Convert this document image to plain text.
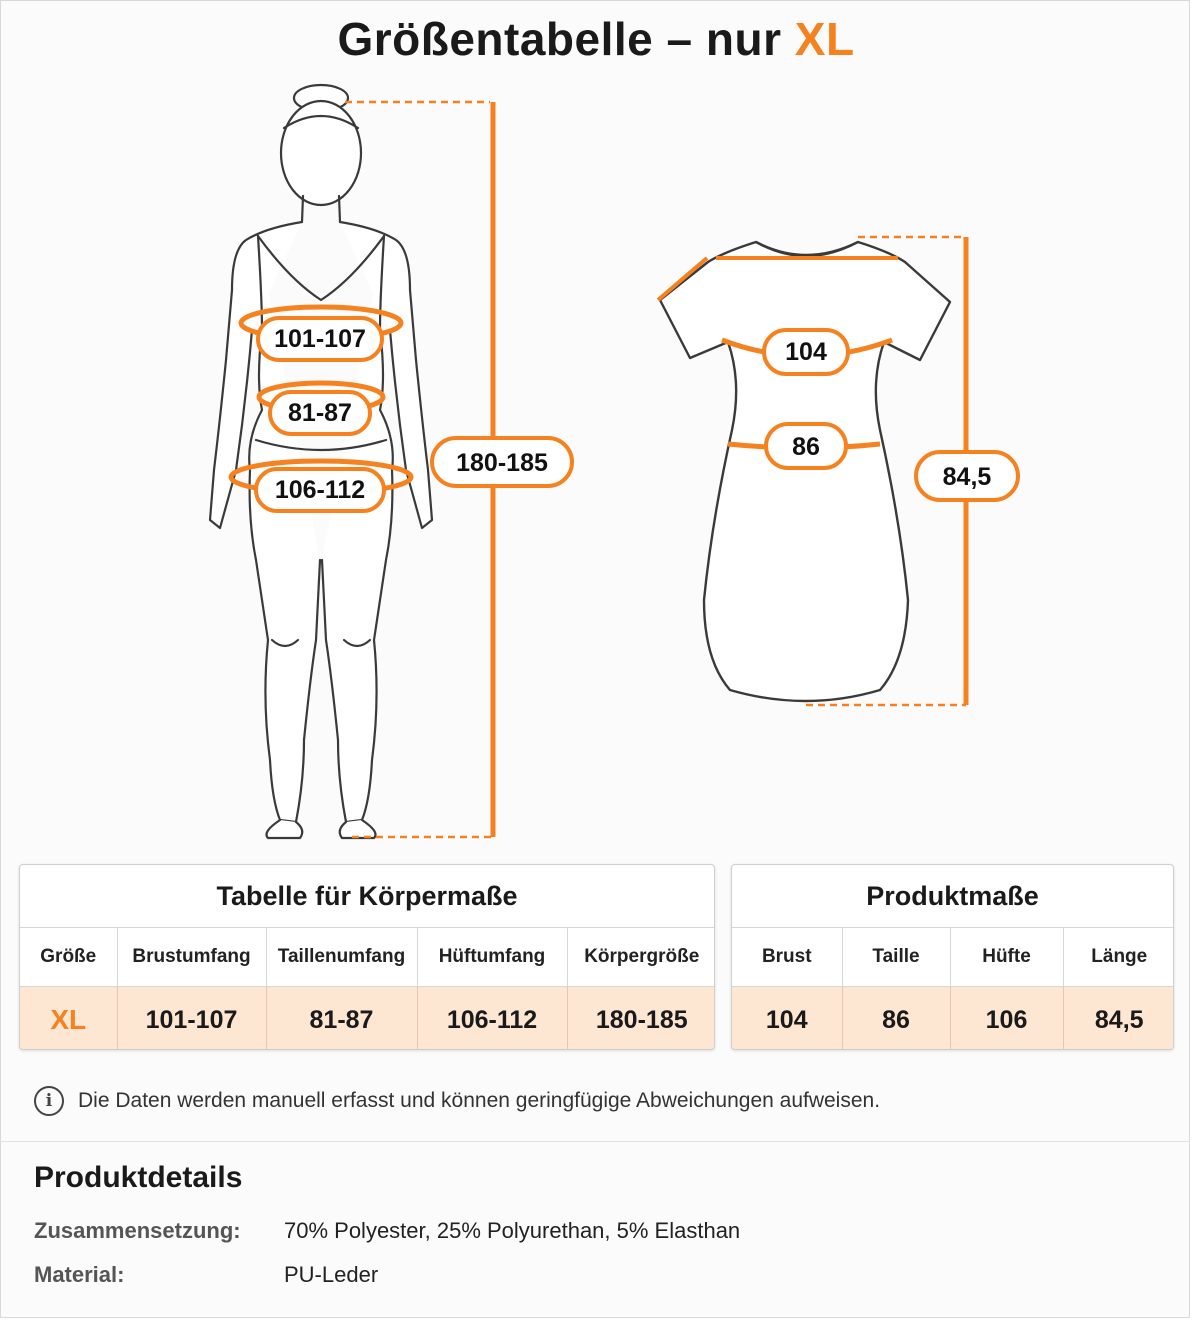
Größentabelle – nur XL
101-107
81-87
106-112
180-185
104
86
84,5
Tabelle für Körpermaße
Größe	Brustumfang	Taillenumfang	Hüftumfang	Körpergröße
XL	101-107	81-87	106-112	180-185
Produktmaße
Brust	Taille	Hüfte	Länge
104	86	106	84,5
i	Die Daten werden manuell erfasst und können geringfügige Abweichungen aufweisen.
Produktdetails
Zusammensetzung:	70% Polyester, 25% Polyurethan, 5% Elasthan
Material:	PU-Leder
